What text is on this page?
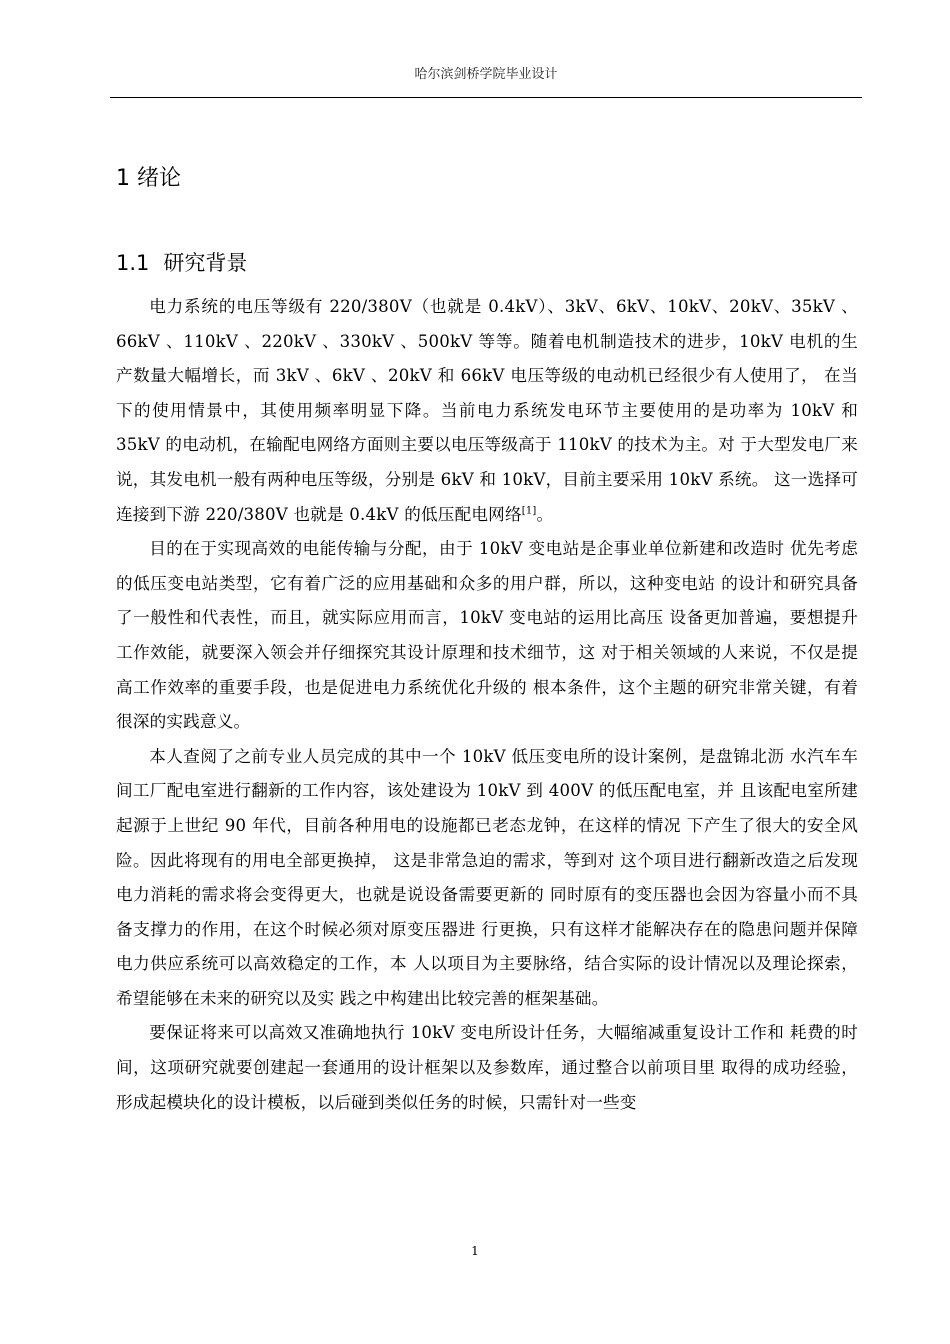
哈尔滨剑桥学院毕业设计
1 绪论
1.1 研究背景

电力系统的电压等级有 220/380V（也就是 0.4kV）、3kV、6kV、10kV、20kV、35kV 、 66kV 、110kV 、220kV 、330kV 、500kV 等等。随着电机制造技术的进步，10kV 电机的生 产数量大幅增长，而 3kV 、6kV 、20kV 和 66kV 电压等级的电动机已经很少有人使用了， 在当下的使用情景中，其使用频率明显下降。当前电力系统发电环节主要使用的是功率为 10kV 和 35kV 的电动机，在输配电网络方面则主要以电压等级高于 110kV 的技术为主。对 于大型发电厂来说，其发电机一般有两种电压等级，分别是 6kV 和 10kV，目前主要采用 10kV 系统。 这一选择可连接到下游 220/380V 也就是 0.4kV 的低压配电网络[1]。

目的在于实现高效的电能传输与分配，由于 10kV 变电站是企事业单位新建和改造时 优先考虑的低压变电站类型，它有着广泛的应用基础和众多的用户群，所以，这种变电站 的设计和研究具备了一般性和代表性，而且，就实际应用而言，10kV 变电站的运用比高压 设备更加普遍，要想提升工作效能，就要深入领会并仔细探究其设计原理和技术细节，这 对于相关领域的人来说，不仅是提高工作效率的重要手段，也是促进电力系统优化升级的 根本条件，这个主题的研究非常关键，有着很深的实践意义。

本人查阅了之前专业人员完成的其中一个 10kV 低压变电所的设计案例，是盘锦北沥 水汽车车间工厂配电室进行翻新的工作内容，该处建设为 10kV 到 400V 的低压配电室，并 且该配电室所建起源于上世纪 90 年代，目前各种用电的设施都已老态龙钟，在这样的情况 下产生了很大的安全风险。因此将现有的用电全部更换掉， 这是非常急迫的需求，等到对 这个项目进行翻新改造之后发现电力消耗的需求将会变得更大，也就是说设备需要更新的 同时原有的变压器也会因为容量小而不具备支撑力的作用，在这个时候必须对原变压器进 行更换，只有这样才能解决存在的隐患问题并保障电力供应系统可以高效稳定的工作，本 人以项目为主要脉络，结合实际的设计情况以及理论探索，希望能够在未来的研究以及实 践之中构建出比较完善的框架基础。

要保证将来可以高效又准确地执行 10kV 变电所设计任务，大幅缩减重复设计工作和 耗费的时间，这项研究就要创建起一套通用的设计框架以及参数库，通过整合以前项目里 取得的成功经验，形成起模块化的设计模板，以后碰到类似任务的时候，只需针对一些变

1
